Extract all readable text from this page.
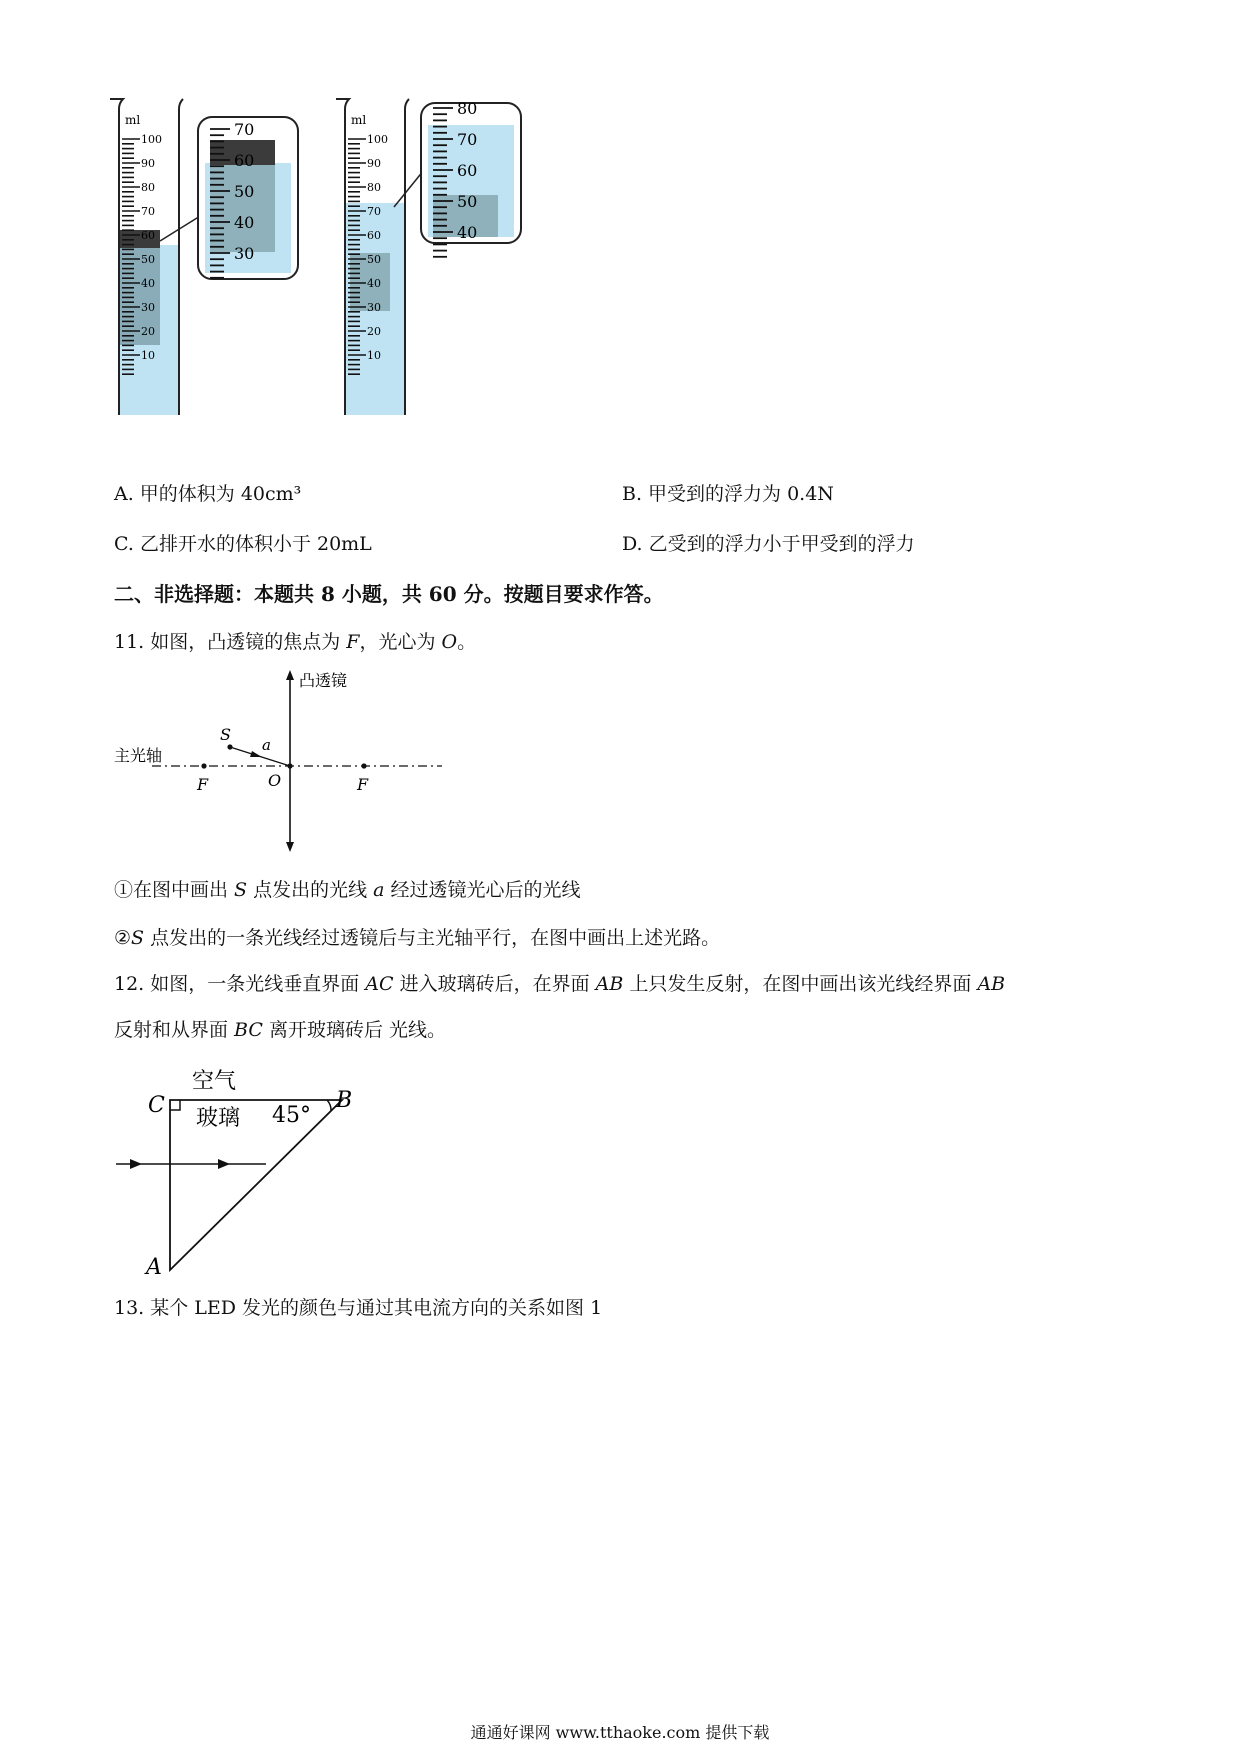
ml
100
90
80
70
60
50
40
30
20
10
70
60
50
40
30
ml
100
90
80
70
60
50
40
30
20
10
80
70
60
50
40
A. 甲的体积为 40cm³	B. 甲受到的浮力为 0.4N
C. 乙排开水的体积小于 20mL	D. 乙受到的浮力小于甲受到的浮力
二、非选择题：本题共 8 小题，共 60 分。按题目要求作答。
11. 如图，凸透镜的焦点为 F，光心为 O。
凸透镜
主光轴
F	F
O
S
a
①在图中画出 S 点发出的光线 a 经过透镜光心后的光线
②S 点发出的一条光线经过透镜后与主光轴平行，在图中画出上述光路。
12. 如图，一条光线垂直界面 AC 进入玻璃砖后，在界面 AB 上只发生反射，在图中画出该光线经界面 AB
反射和从界面 BC 离开玻璃砖后 光线。
空气
玻璃 45°
C	B
A
13. 某个 LED 发光的颜色与通过其电流方向的关系如图 1
通通好课网 www.tthaoke.com 提供下载
